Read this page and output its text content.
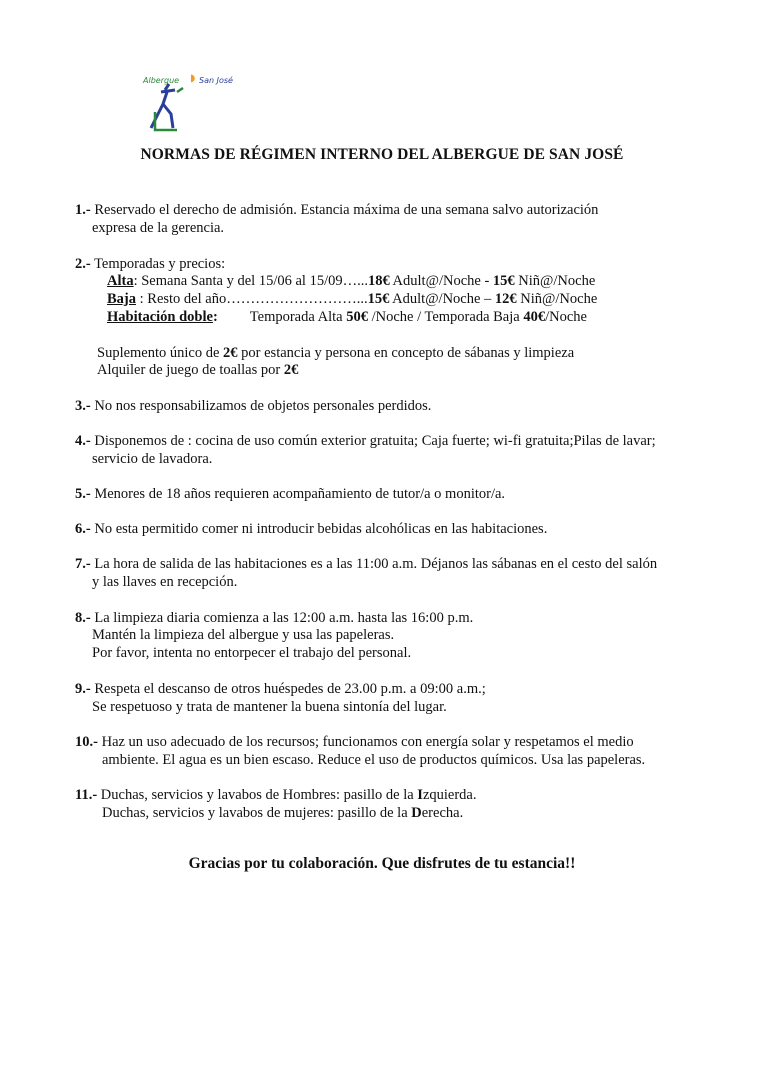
Albergue ◗ San José
NORMAS DE RÉGIMEN INTERNO DEL ALBERGUE DE SAN JOSÉ
1.- Reservado el derecho de admisión. Estancia máxima de una semana salvo autorización
expresa de la gerencia.
2.- Temporadas y precios:
Alta: Semana Santa y del 15/06 al 15/09…...18€ Adult@/Noche - 15€ Niñ@/Noche
Baja : Resto del año………………………...15€ Adult@/Noche – 12€ Niñ@/Noche
Habitación doble: Temporada Alta 50€ /Noche / Temporada Baja 40€/Noche
Suplemento único de 2€ por estancia y persona en concepto de sábanas y limpieza
Alquiler de juego de toallas por 2€
3.- No nos responsabilizamos de objetos personales perdidos.
4.- Disponemos de : cocina de uso común exterior gratuita; Caja fuerte; wi-fi gratuita;Pilas de lavar;
servicio de lavadora.
5.- Menores de 18 años requieren acompañamiento de tutor/a o monitor/a.
6.- No esta permitido comer ni introducir bebidas alcohólicas en las habitaciones.
7.- La hora de salida de las habitaciones es a las 11:00 a.m. Déjanos las sábanas en el cesto del salón
y las llaves en recepción.
8.- La limpieza diaria comienza a las 12:00 a.m. hasta las 16:00 p.m.
Mantén la limpieza del albergue y usa las papeleras.
Por favor, intenta no entorpecer el trabajo del personal.
9.- Respeta el descanso de otros huéspedes de 23.00 p.m. a 09:00 a.m.;
Se respetuoso y trata de mantener la buena sintonía del lugar.
10.- Haz un uso adecuado de los recursos; funcionamos con energía solar y respetamos el medio
ambiente. El agua es un bien escaso. Reduce el uso de productos químicos. Usa las papeleras.
11.- Duchas, servicios y lavabos de Hombres: pasillo de la Izquierda.
Duchas, servicios y lavabos de mujeres: pasillo de la Derecha.
Gracias por tu colaboración. Que disfrutes de tu estancia!!
